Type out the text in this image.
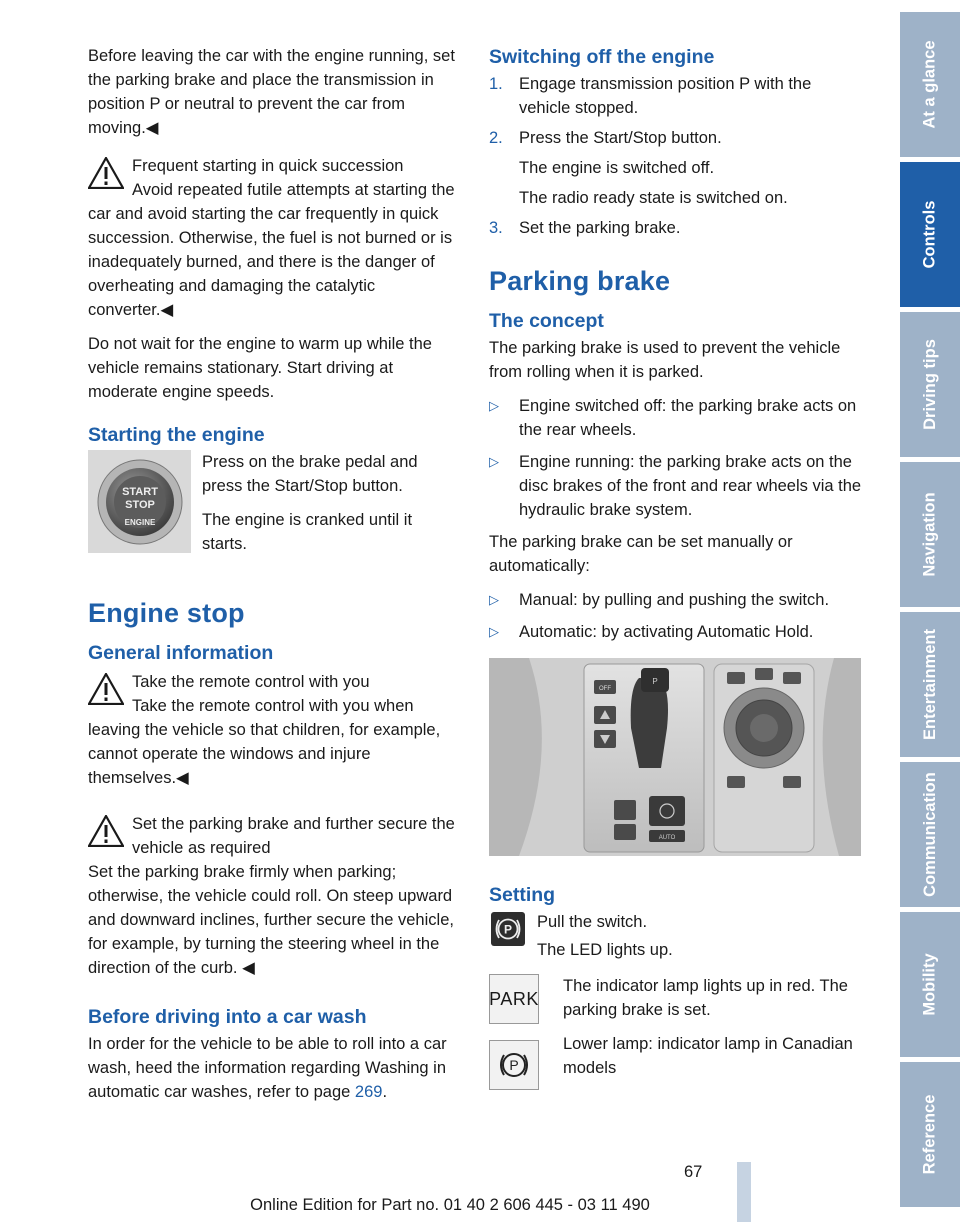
Before leaving the car with the engine running, set the parking brake and place the transmission in position P or neutral to prevent the car from moving.◀

Frequent starting in quick succession
Avoid repeated futile attempts at starting the car and avoid starting the car frequently in quick succession. Otherwise, the fuel is not burned or is inadequately burned, and there is the danger of overheating and damaging the catalytic converter.◀

Do not wait for the engine to warm up while the vehicle remains stationary. Start driving at moderate engine speeds.

Starting the engine
START
STOP
ENGINE

Press on the brake pedal and press the Start/Stop button.

The engine is cranked until it starts.

Engine stop
General information
Take the remote control with you
Take the remote control with you when leaving the vehicle so that children, for example, cannot operate the windows and injure themselves.◀
Set the parking brake and further secure the vehicle as required
Set the parking brake firmly when parking; otherwise, the vehicle could roll. On steep upward and downward inclines, further secure the vehicle, for example, by turning the steering wheel in the direction of the curb. ◀
Before driving into a car wash

In order for the vehicle to be able to roll into a car wash, heed the information regarding Washing in automatic car washes, refer to page 269.

Switching off the engine
1. Engage transmission position P with the vehicle stopped.
2. Press the Start/Stop button.
The engine is switched off.
The radio ready state is switched on.
3. Set the parking brake.
Parking brake
The concept

The parking brake is used to prevent the vehicle from rolling when it is parked.

▷	Engine switched off: the parking brake acts on the rear wheels.
▷	Engine running: the parking brake acts on the disc brakes of the front and rear wheels via the hydraulic brake system.

The parking brake can be set manually or automatically:

▷	Manual: by pulling and pushing the switch.
▷	Automatic: by activating Automatic Hold.
OFF
P
AUTO
Setting
P Pull the switch.
The LED lights up.
PARK
P

The indicator lamp lights up in red. The parking brake is set.

Lower lamp: indicator lamp in Canadian models

At a glance
Controls
Driving tips
Navigation
Entertainment
Communication
Mobility
Reference
67
Online Edition for Part no. 01 40 2 606 445 - 03 11 490
